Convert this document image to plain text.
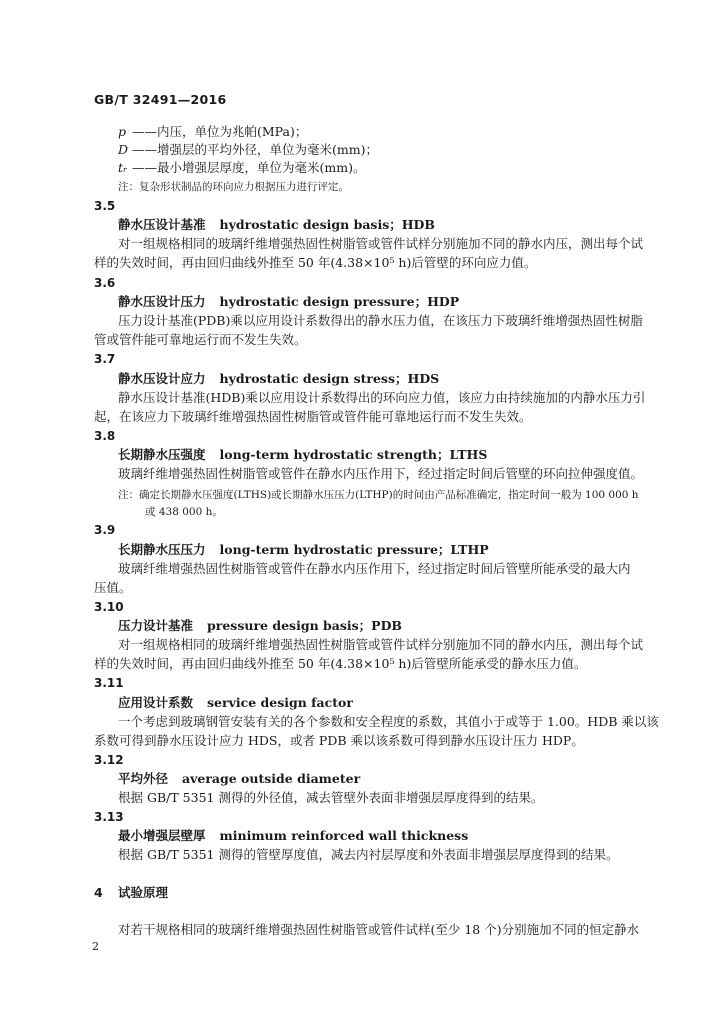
GB/T 32491—2016
p ——内压，单位为兆帕(MPa)；
D ——增强层的平均外径，单位为毫米(mm)；
tᵣ ——最小增强层厚度，单位为毫米(mm)。
注：复杂形状制品的环向应力根据压力进行评定。
3.5
静水压设计基准 hydrostatic design basis；HDB
对一组规格相同的玻璃纤维增强热固性树脂管或管件试样分别施加不同的静水内压，测出每个试
样的失效时间，再由回归曲线外推至 50 年(4.38×10⁵ h)后管壁的环向应力值。
3.6
静水压设计压力 hydrostatic design pressure；HDP
压力设计基准(PDB)乘以应用设计系数得出的静水压力值，在该压力下玻璃纤维增强热固性树脂
管或管件能可靠地运行而不发生失效。
3.7
静水压设计应力 hydrostatic design stress；HDS
静水压设计基准(HDB)乘以应用设计系数得出的环向应力值，该应力由持续施加的内静水压力引
起，在该应力下玻璃纤维增强热固性树脂管或管件能可靠地运行而不发生失效。
3.8
长期静水压强度 long-term hydrostatic strength；LTHS
玻璃纤维增强热固性树脂管或管件在静水内压作用下，经过指定时间后管壁的环向拉伸强度值。
注：确定长期静水压强度(LTHS)或长期静水压压力(LTHP)的时间由产品标准确定，指定时间一般为 100 000 h
或 438 000 h。
3.9
长期静水压压力 long-term hydrostatic pressure；LTHP
玻璃纤维增强热固性树脂管或管件在静水内压作用下，经过指定时间后管壁所能承受的最大内
压值。
3.10
压力设计基准 pressure design basis；PDB
对一组规格相同的玻璃纤维增强热固性树脂管或管件试样分别施加不同的静水内压，测出每个试
样的失效时间，再由回归曲线外推至 50 年(4.38×10⁵ h)后管壁所能承受的静水压力值。
3.11
应用设计系数 service design factor
一个考虑到玻璃钢管安装有关的各个参数和安全程度的系数，其值小于或等于 1.00。HDB 乘以该
系数可得到静水压设计应力 HDS，或者 PDB 乘以该系数可得到静水压设计压力 HDP。
3.12
平均外径 average outside diameter
根据 GB/T 5351 测得的外径值，减去管壁外表面非增强层厚度得到的结果。
3.13
最小增强层壁厚 minimum reinforced wall thickness
根据 GB/T 5351 测得的管壁厚度值，减去内衬层厚度和外表面非增强层厚度得到的结果。
4 试验原理
对若干规格相同的玻璃纤维增强热固性树脂管或管件试样(至少 18 个)分别施加不同的恒定静水
2
